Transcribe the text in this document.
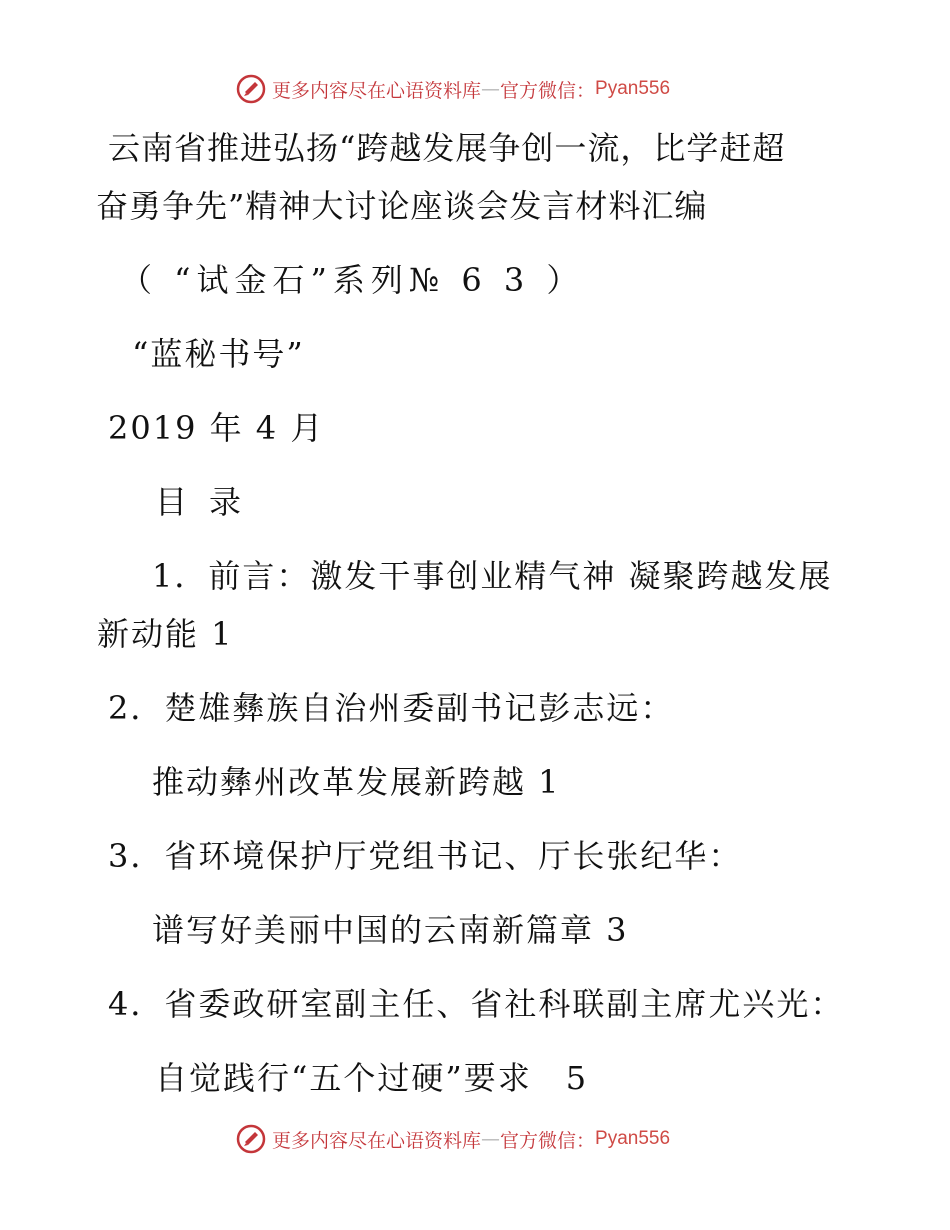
更多内容尽在心语资料库 — 官方微信： Pyan556
云南省推进弘扬“跨越发展争创一流，比学赶超
奋勇争先”精神大讨论座谈会发言材料汇编
（ “试金石”系列№ 6 3 ）
“蓝秘书号”
2019 年 4 月
目录
1．前言：激发干事创业精气神 凝聚跨越发展
新动能 1
2．楚雄彝族自治州委副书记彭志远：
推动彝州改革发展新跨越 1
3．省环境保护厅党组书记、厅长张纪华：
谱写好美丽中国的云南新篇章 3
4．省委政研室副主任、省社科联副主席尤兴光：
自觉践行“五个过硬”要求　5
更多内容尽在心语资料库 — 官方微信： Pyan556
